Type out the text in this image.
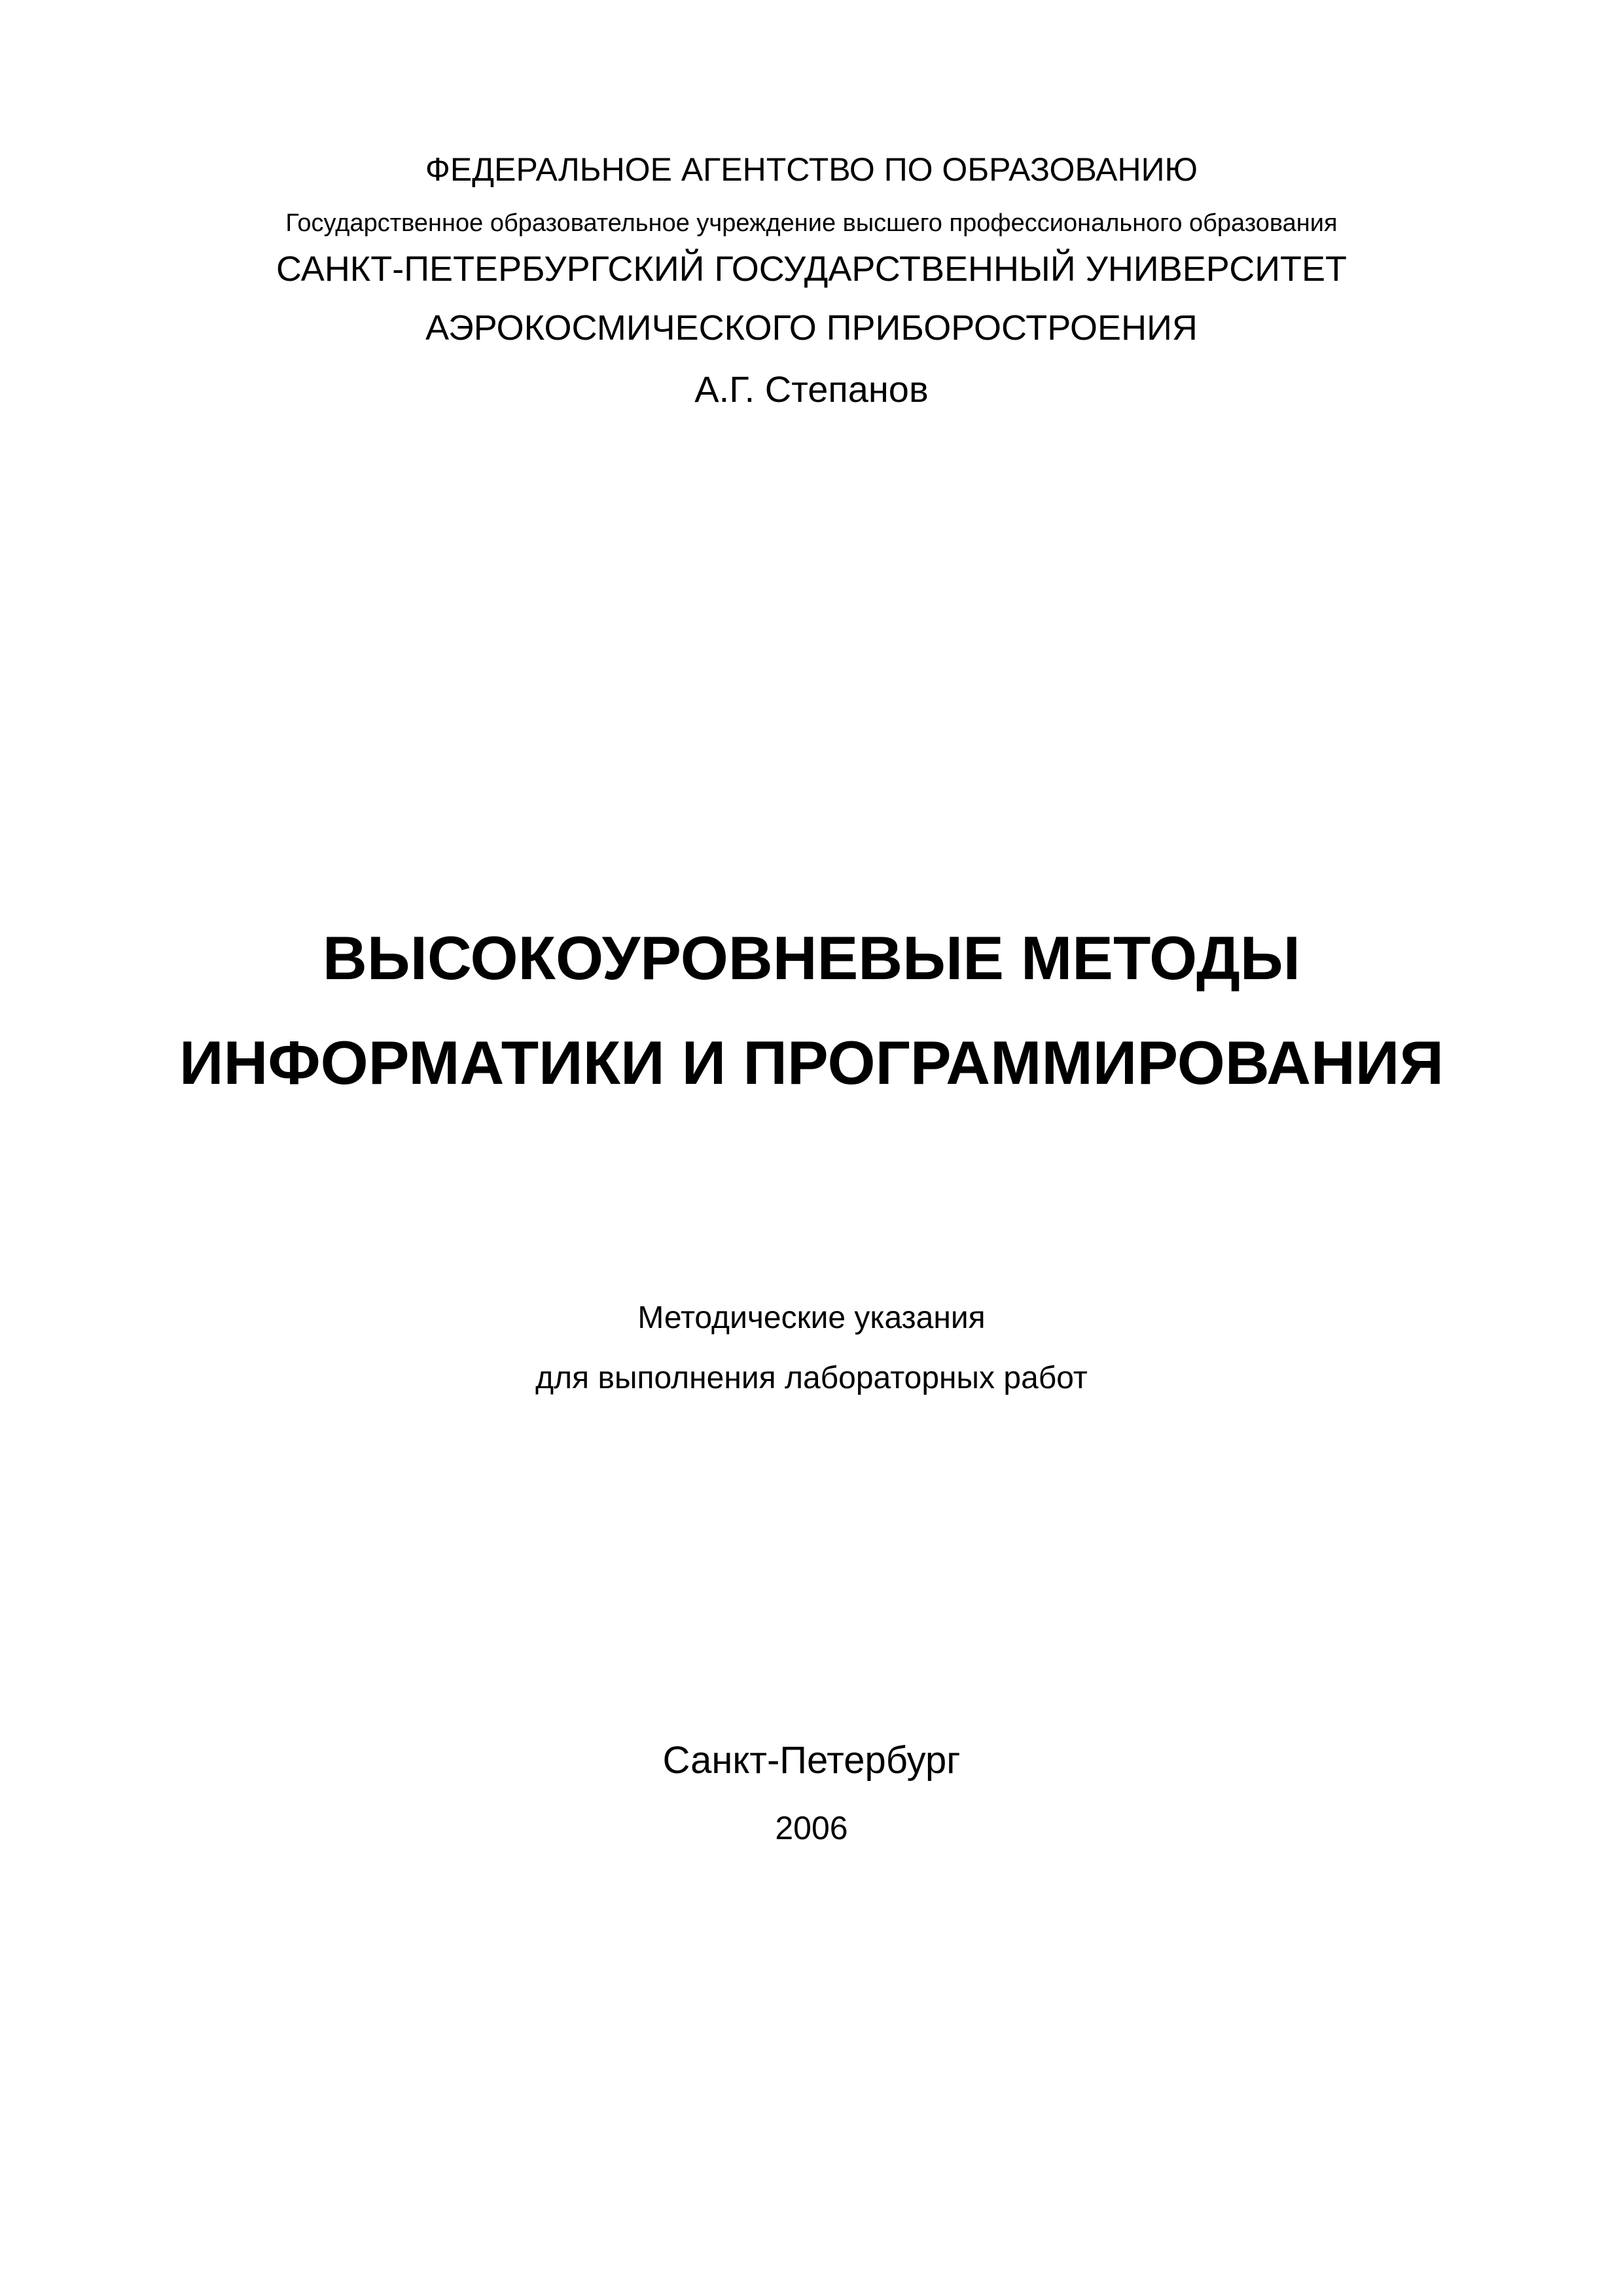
ФЕДЕРАЛЬНОЕ АГЕНТСТВО ПО ОБРАЗОВАНИЮ
Государственное образовательное учреждение высшего профессионального образования
САНКТ-ПЕТЕРБУРГСКИЙ ГОСУДАРСТВЕННЫЙ УНИВЕРСИТЕТ
АЭРОКОСМИЧЕСКОГО ПРИБОРОСТРОЕНИЯ
А.Г. Степанов
ВЫСОКОУРОВНЕВЫЕ МЕТОДЫ
ИНФОРМАТИКИ И ПРОГРАММИРОВАНИЯ
Методические указания
для выполнения лабораторных работ
Санкт-Петербург
2006
